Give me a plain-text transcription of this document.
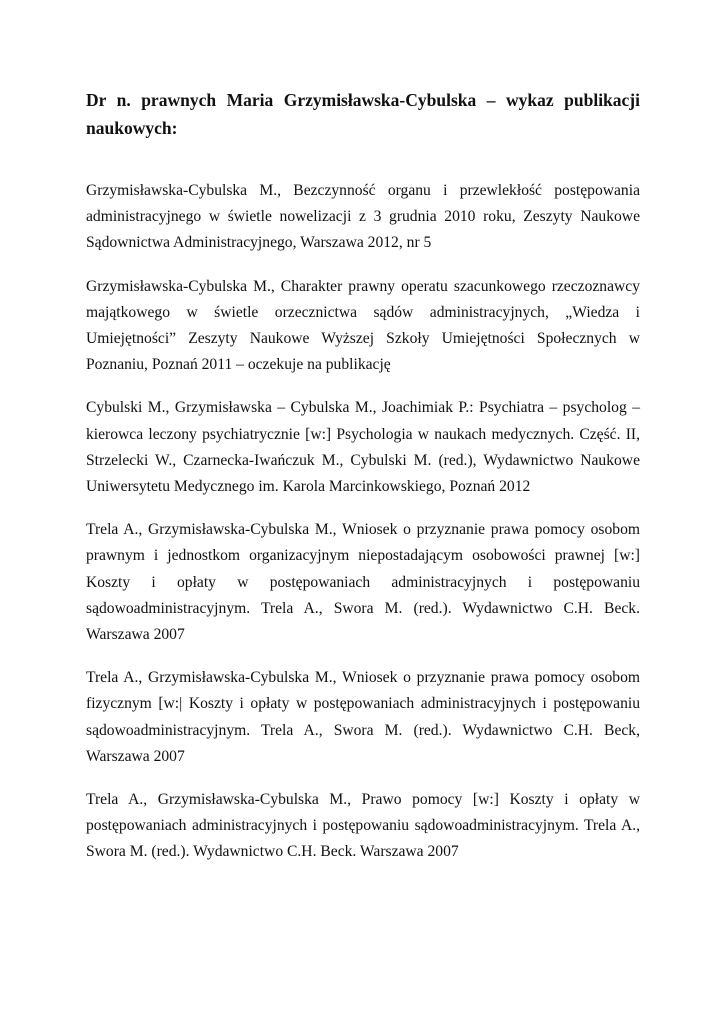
Dr n. prawnych Maria Grzymisławska-Cybulska – wykaz publikacji naukowych:

Grzymisławska-Cybulska M., Bezczynność organu i przewlekłość postępowania administracyjnego w świetle nowelizacji z 3 grudnia 2010 roku, Zeszyty Naukowe Sądownictwa Administracyjnego, Warszawa 2012, nr 5

Grzymisławska-Cybulska M., Charakter prawny operatu szacunkowego rzeczoznawcy majątkowego w świetle orzecznictwa sądów administracyjnych, „Wiedza i Umiejętności” Zeszyty Naukowe Wyższej Szkoły Umiejętności Społecznych w Poznaniu, Poznań 2011 – oczekuje na publikację

Cybulski M., Grzymisławska – Cybulska M., Joachimiak P.: Psychiatra – psycholog – kierowca leczony psychiatrycznie [w:] Psychologia w naukach medycznych. Część. II, Strzelecki W., Czarnecka-Iwańczuk M., Cybulski M. (red.), Wydawnictwo Naukowe Uniwersytetu Medycznego im. Karola Marcinkowskiego, Poznań 2012

Trela A., Grzymisławska-Cybulska M., Wniosek o przyznanie prawa pomocy osobom prawnym i jednostkom organizacyjnym niepostadającym osobowości prawnej [w:] Koszty i opłaty w postępowaniach administracyjnych i postępowaniu sądowoadministracyjnym. Trela A., Swora M. (red.). Wydawnictwo C.H. Beck. Warszawa 2007

Trela A., Grzymisławska-Cybulska M., Wniosek o przyznanie prawa pomocy osobom fizycznym [w:| Koszty i opłaty w postępowaniach administracyjnych i postępowaniu sądowoadministracyjnym. Trela A., Swora M. (red.). Wydawnictwo C.H. Beck, Warszawa 2007

Trela A., Grzymisławska-Cybulska M., Prawo pomocy [w:] Koszty i opłaty w postępowaniach administracyjnych i postępowaniu sądowoadministracyjnym. Trela A., Swora M. (red.). Wydawnictwo C.H. Beck. Warszawa 2007
